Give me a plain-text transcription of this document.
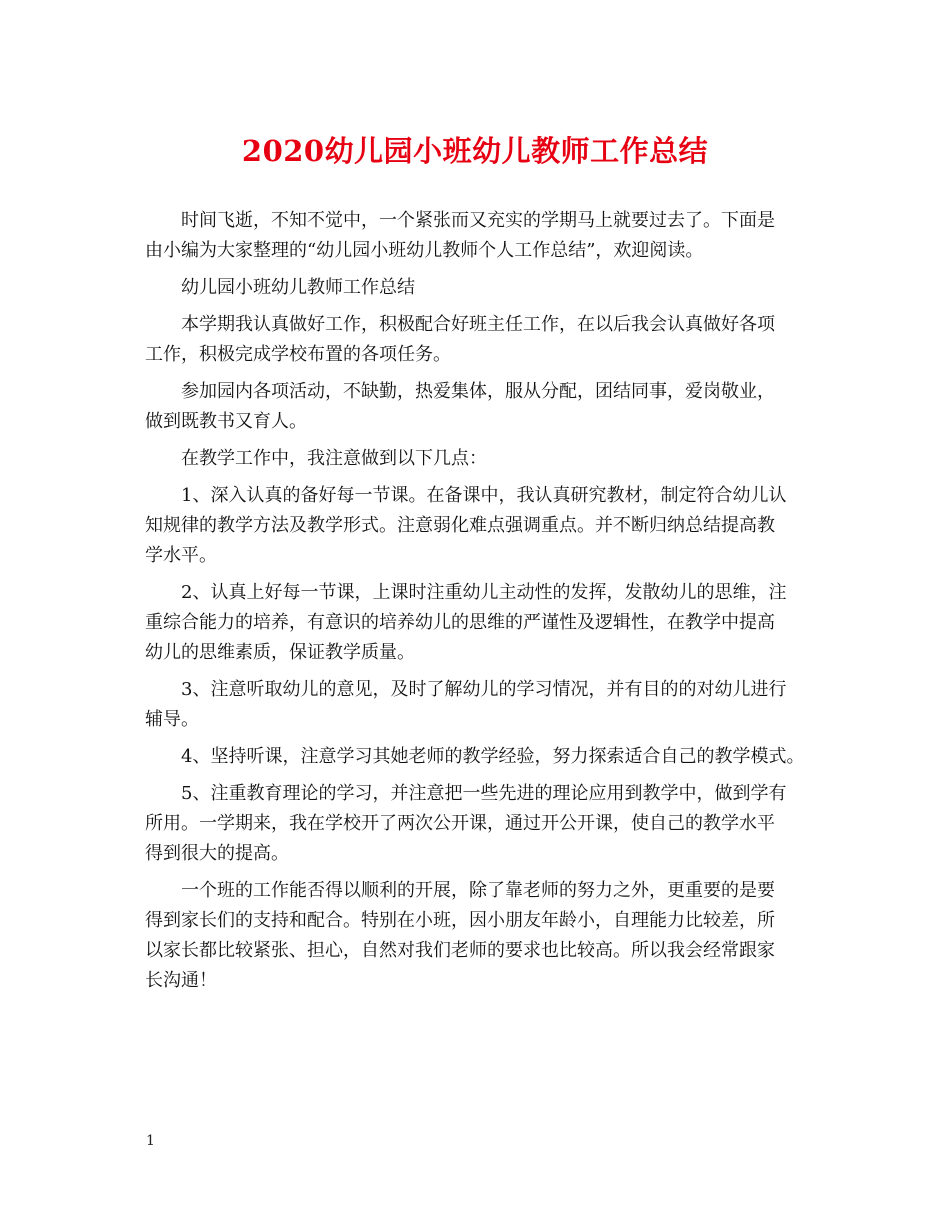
2020幼儿园小班幼儿教师工作总结
时间飞逝，不知不觉中，一个紧张而又充实的学期马上就要过去了。下面是
由小编为大家整理的“幼儿园小班幼儿教师个人工作总结”，欢迎阅读。
幼儿园小班幼儿教师工作总结
本学期我认真做好工作，积极配合好班主任工作，在以后我会认真做好各项
工作，积极完成学校布置的各项任务。
参加园内各项活动，不缺勤，热爱集体，服从分配，团结同事，爱岗敬业，
做到既教书又育人。
在教学工作中，我注意做到以下几点：
1、深入认真的备好每一节课。在备课中，我认真研究教材，制定符合幼儿认
知规律的教学方法及教学形式。注意弱化难点强调重点。并不断归纳总结提高教
学水平。
2、认真上好每一节课，上课时注重幼儿主动性的发挥，发散幼儿的思维，注
重综合能力的培养，有意识的培养幼儿的思维的严谨性及逻辑性，在教学中提高
幼儿的思维素质，保证教学质量。
3、注意听取幼儿的意见，及时了解幼儿的学习情况，并有目的的对幼儿进行
辅导。
4、坚持听课，注意学习其她老师的教学经验，努力探索适合自己的教学模式。
5、注重教育理论的学习，并注意把一些先进的理论应用到教学中，做到学有
所用。一学期来，我在学校开了两次公开课，通过开公开课，使自己的教学水平
得到很大的提高。
一个班的工作能否得以顺利的开展，除了靠老师的努力之外，更重要的是要
得到家长们的支持和配合。特别在小班，因小朋友年龄小，自理能力比较差，所
以家长都比较紧张、担心，自然对我们老师的要求也比较高。所以我会经常跟家
长沟通！
1
